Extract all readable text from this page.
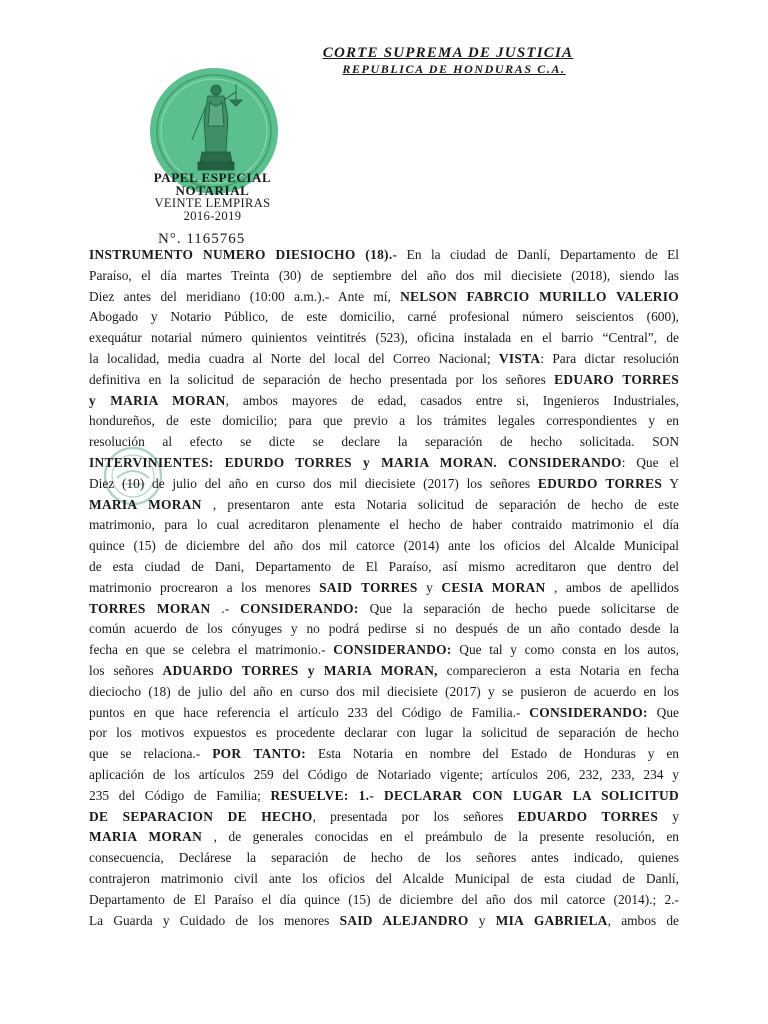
CORTE SUPREMA DE JUSTICIA
REPUBLICA DE HONDURAS C.A.
PAPEL ESPECIAL
NOTARIAL
VEINTE LEMPIRAS
2016-2019
N°. 1165765
INSTRUMENTO NUMERO DIESIOCHO (18).- En la ciudad de Danlí, Departamento de El
Paraíso, el día martes Treinta (30) de septiembre del año dos mil diecisiete (2018), siendo las
Diez antes del meridiano (10:00 a.m.).- Ante mí, NELSON FABRCIO MURILLO VALERIO
Abogado y Notario Público, de este domicilio, carné profesional número seiscientos (600),
exequátur notarial número quinientos veintitrés (523), oficina instalada en el barrio “Central”, de
la localidad, media cuadra al Norte del local del Correo Nacional; VISTA: Para dictar resolución
definitiva en la solicitud de separación de hecho presentada por los señores EDUARO TORRES
y MARIA MORAN, ambos mayores de edad, casados entre si, Ingenieros Industriales,
hondureños, de este domicilio; para que previo a los trámites legales correspondientes y en
resolución al efecto se dicte se declare la separación de hecho solicitada. SON
INTERVINIENTES: EDURDO TORRES y MARIA MORAN. CONSIDERANDO: Que el
Diez (10) de julio del año en curso dos mil diecisiete (2017) los señores EDURDO TORRES Y
MARIA MORAN , presentaron ante esta Notaria solicitud de separación de hecho de este
matrimonio, para lo cual acreditaron plenamente el hecho de haber contraido matrimonio el día
quince (15) de diciembre del año dos mil catorce (2014) ante los oficios del Alcalde Municipal
de esta ciudad de Dani, Departamento de El Paraíso, así mismo acreditaron que dentro del
matrimonio procrearon a los menores SAID TORRES y CESIA MORAN , ambos de apellidos
TORRES MORAN .- CONSIDERANDO: Que la separación de hecho puede solicitarse de
común acuerdo de los cónyuges y no podrá pedirse si no después de un año contado desde la
fecha en que se celebra el matrimonio.- CONSIDERANDO: Que tal y como consta en los autos,
los señores ADUARDO TORRES y MARIA MORAN, comparecieron a esta Notaria en fecha
dieciocho (18) de julio del año en curso dos mil diecisiete (2017) y se pusieron de acuerdo en los
puntos en que hace referencia el artículo 233 del Código de Familia.- CONSIDERANDO: Que
por los motivos expuestos es procedente declarar con lugar la solicitud de separación de hecho
que se relaciona.- POR TANTO: Esta Notaria en nombre del Estado de Honduras y en
aplicación de los artículos 259 del Código de Notariado vigente; artículos 206, 232, 233, 234 y
235 del Código de Familia; RESUELVE: 1.- DECLARAR CON LUGAR LA SOLICITUD
DE SEPARACION DE HECHO, presentada por los señores EDUARDO TORRES y
MARIA MORAN , de generales conocidas en el preámbulo de la presente resolución, en
consecuencia, Declárese la separación de hecho de los señores antes indicado, quienes
contrajeron matrimonio civil ante los oficios del Alcalde Municipal de esta ciudad de Danlí,
Departamento de El Paraíso el día quince (15) de diciembre del año dos mil catorce (2014).; 2.-
La Guarda y Cuidado de los menores SAID ALEJANDRO y MIA GABRIELA, ambos de
